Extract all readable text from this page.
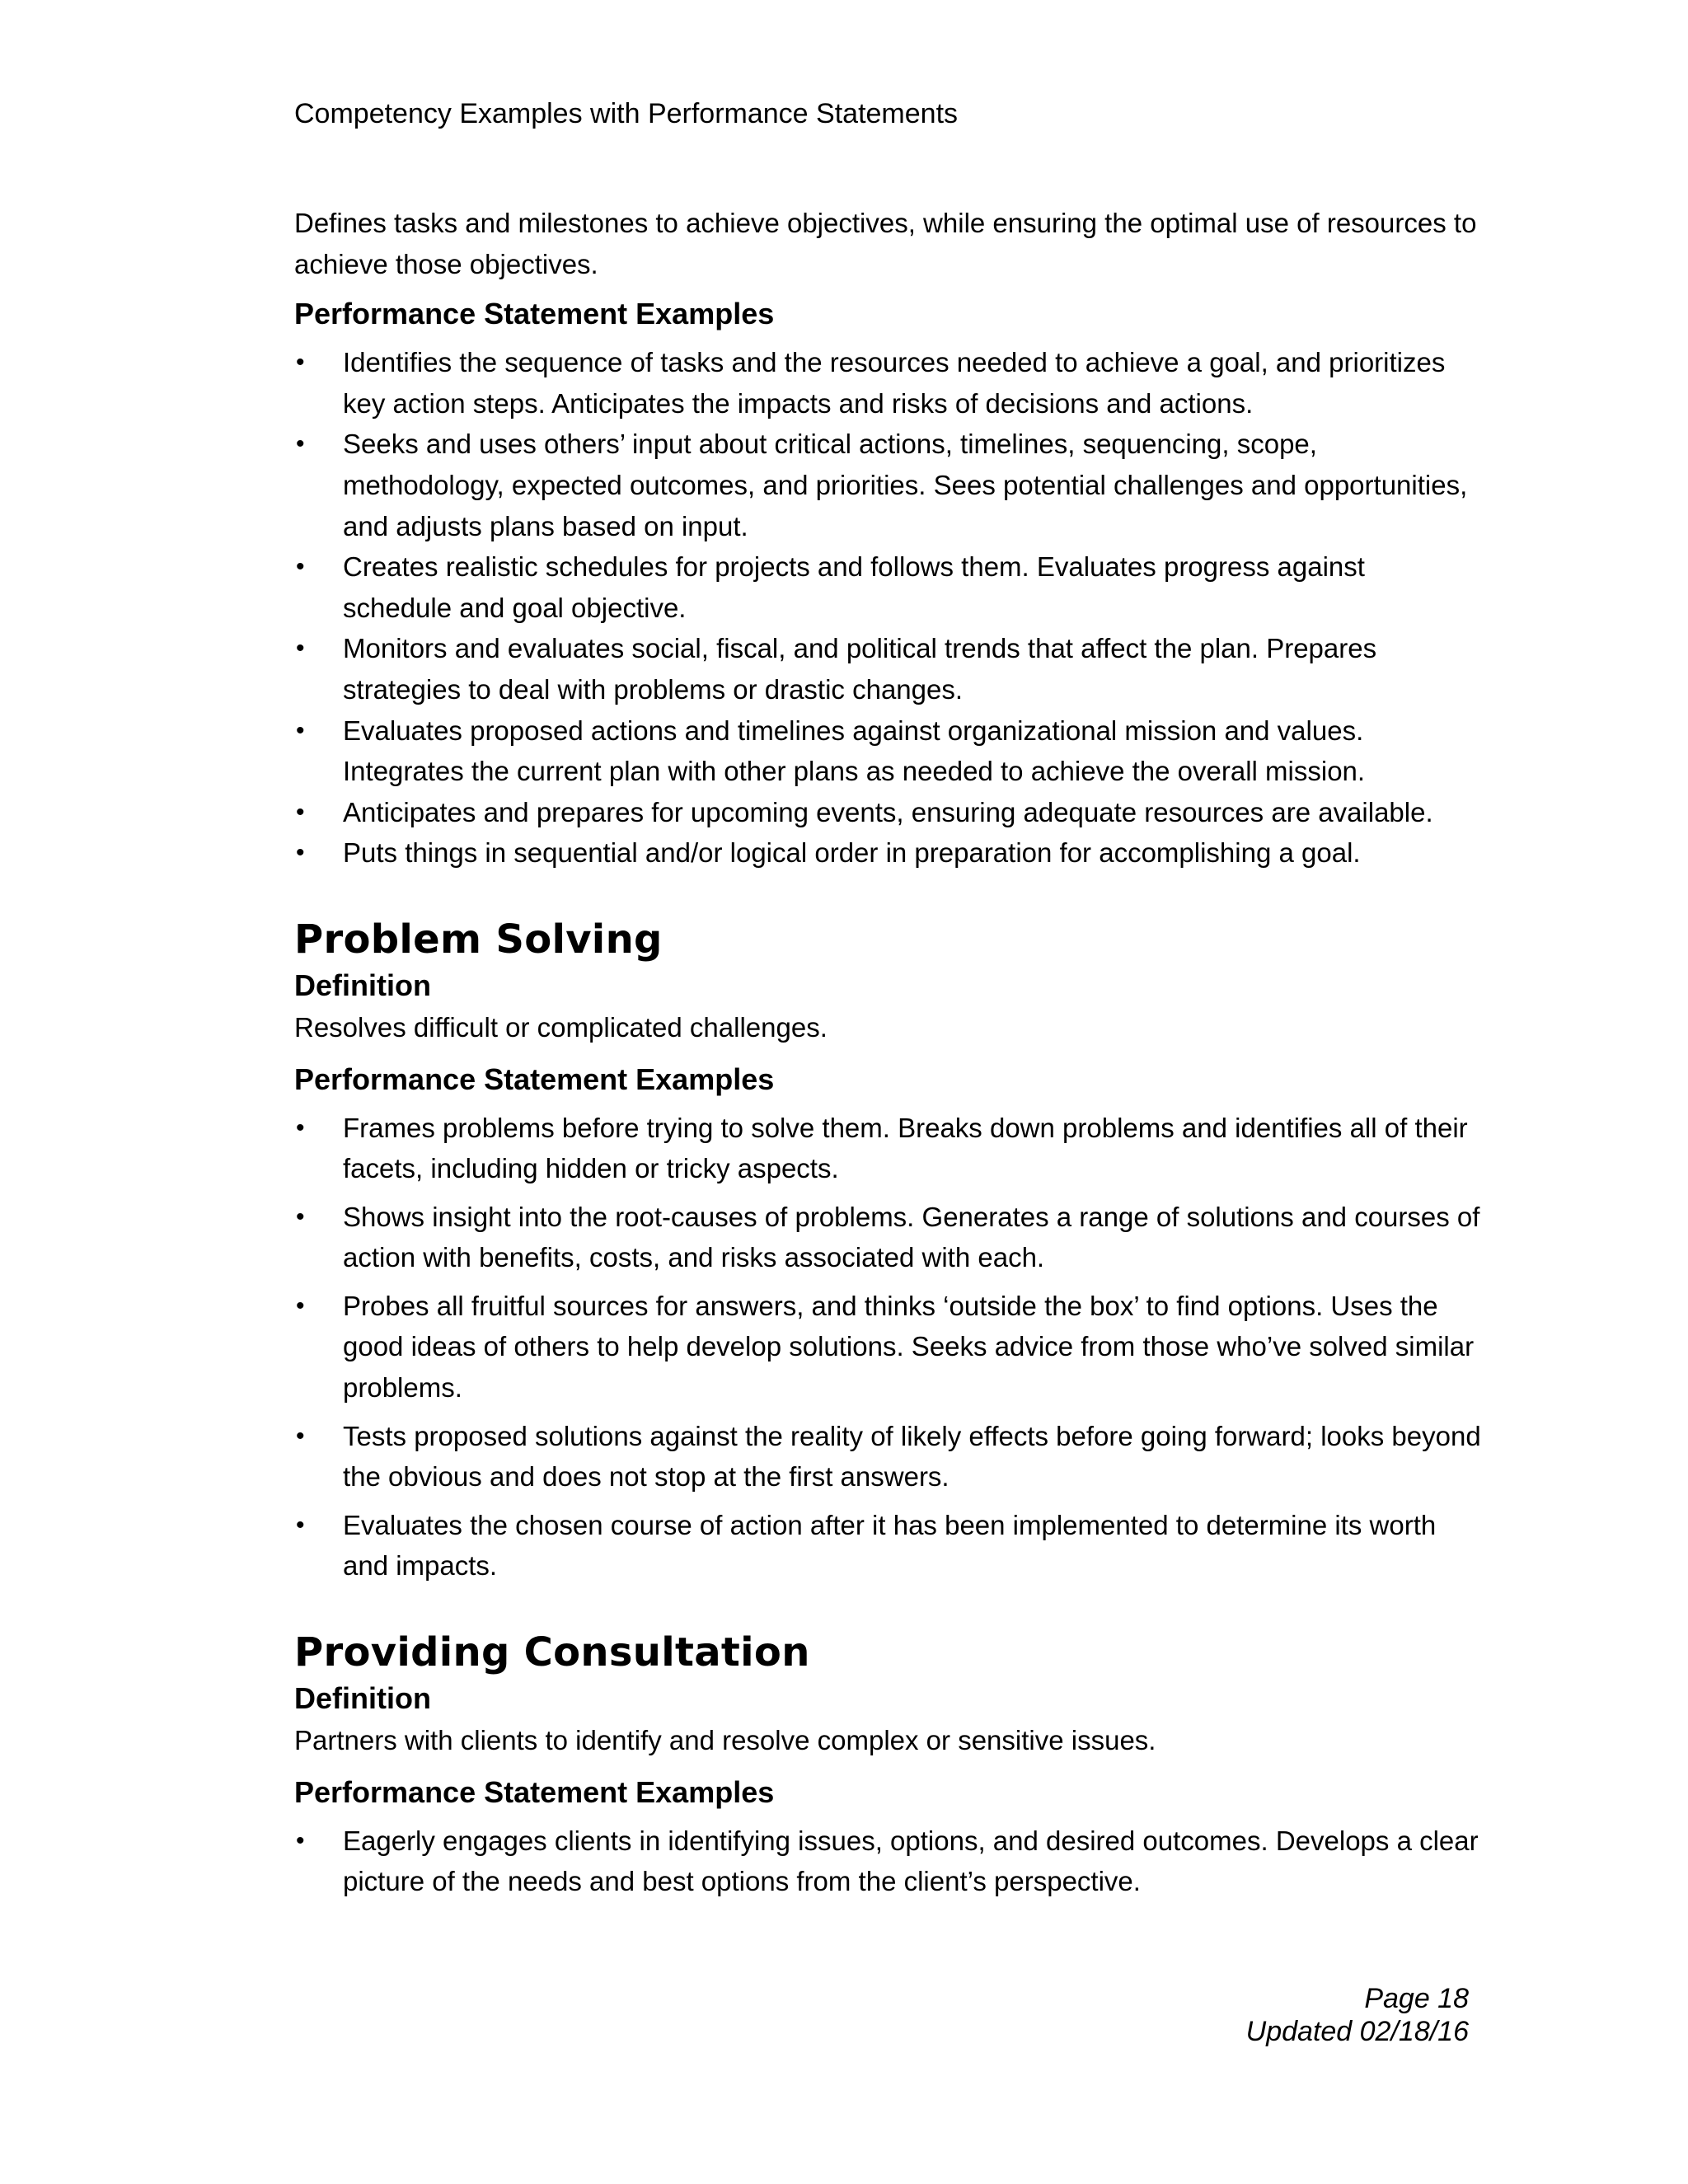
Competency Examples with Performance Statements

Defines tasks and milestones to achieve objectives, while ensuring the optimal use of resources to achieve those objectives.

Performance Statement Examples
• Identifies the sequence of tasks and the resources needed to achieve a goal, and prioritizes key action steps. Anticipates the impacts and risks of decisions and actions.
• Seeks and uses others’ input about critical actions, timelines, sequencing, scope, methodology, expected outcomes, and priorities. Sees potential challenges and opportunities, and adjusts plans based on input.
• Creates realistic schedules for projects and follows them. Evaluates progress against schedule and goal objective.
• Monitors and evaluates social, fiscal, and political trends that affect the plan. Prepares strategies to deal with problems or drastic changes.
• Evaluates proposed actions and timelines against organizational mission and values. Integrates the current plan with other plans as needed to achieve the overall mission.
• Anticipates and prepares for upcoming events, ensuring adequate resources are available.
• Puts things in sequential and/or logical order in preparation for accomplishing a goal.
Problem Solving
Definition

Resolves difficult or complicated challenges.

Performance Statement Examples
• Frames problems before trying to solve them. Breaks down problems and identifies all of their facets, including hidden or tricky aspects.
• Shows insight into the root-causes of problems. Generates a range of solutions and courses of action with benefits, costs, and risks associated with each.
• Probes all fruitful sources for answers, and thinks ‘outside the box’ to find options. Uses the good ideas of others to help develop solutions. Seeks advice from those who’ve solved similar problems.
• Tests proposed solutions against the reality of likely effects before going forward; looks beyond the obvious and does not stop at the first answers.
• Evaluates the chosen course of action after it has been implemented to determine its worth and impacts.
Providing Consultation
Definition

Partners with clients to identify and resolve complex or sensitive issues.

Performance Statement Examples
• Eagerly engages clients in identifying issues, options, and desired outcomes. Develops a clear picture of the needs and best options from the client’s perspective.
Page 18
Updated 02/18/16
